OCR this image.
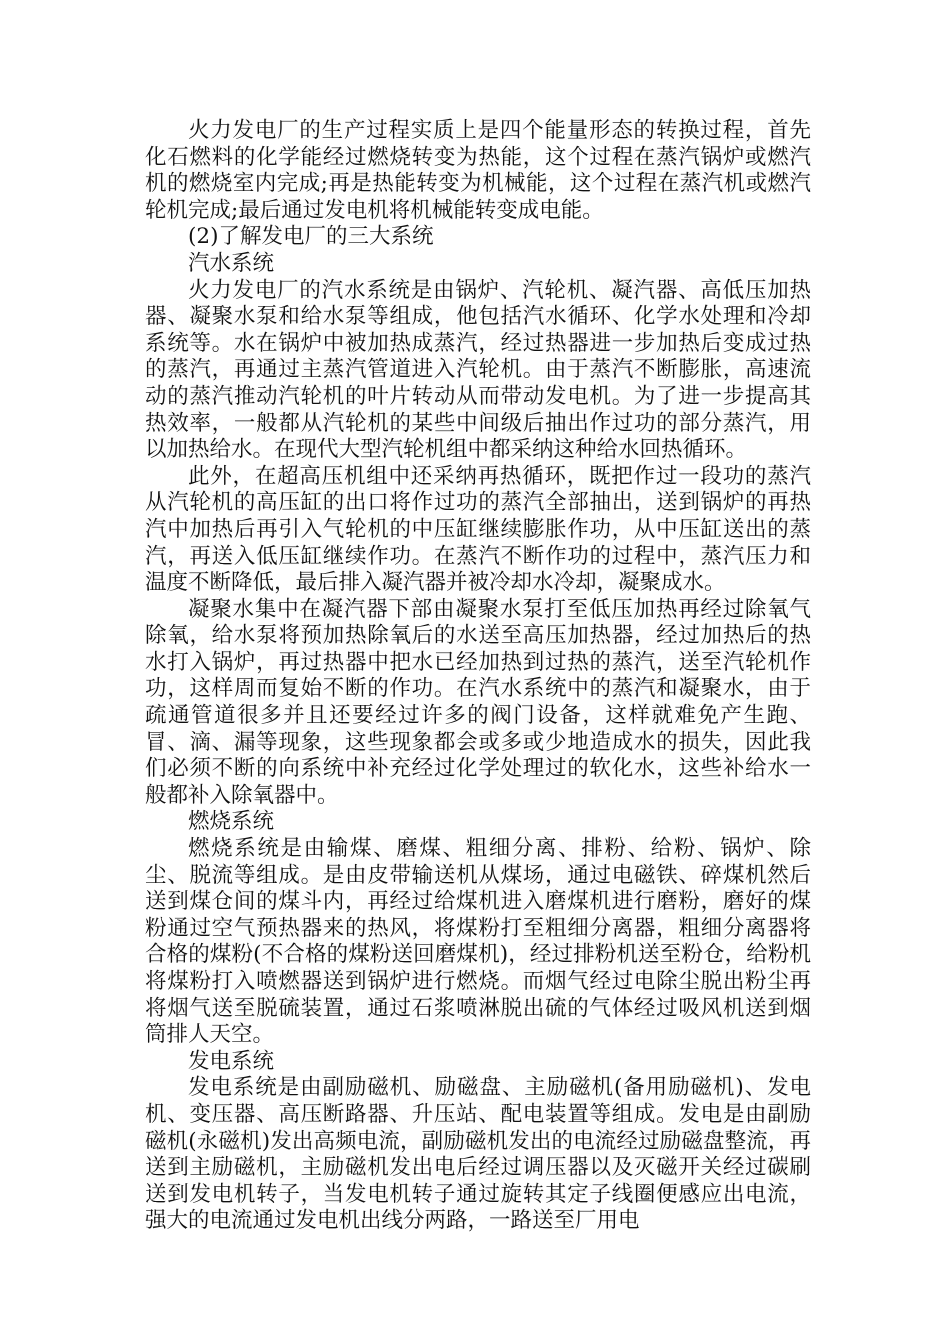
火力发电厂的生产过程实质上是四个能量形态的转换过程，首先化石燃料的化学能经过燃烧转变为热能，这个过程在蒸汽锅炉或燃汽机的燃烧室内完成;再是热能转变为机械能，这个过程在蒸汽机或燃汽轮机完成;最后通过发电机将机械能转变成电能。

(2)了解发电厂的三大系统

汽水系统

火力发电厂的汽水系统是由锅炉、汽轮机、凝汽器、高低压加热器、凝聚水泵和给水泵等组成，他包括汽水循环、化学水处理和冷却系统等。水在锅炉中被加热成蒸汽，经过热器进一步加热后变成过热的蒸汽，再通过主蒸汽管道进入汽轮机。由于蒸汽不断膨胀，高速流动的蒸汽推动汽轮机的叶片转动从而带动发电机。为了进一步提高其热效率，一般都从汽轮机的某些中间级后抽出作过功的部分蒸汽，用以加热给水。在现代大型汽轮机组中都采纳这种给水回热循环。

此外，在超高压机组中还采纳再热循环，既把作过一段功的蒸汽从汽轮机的高压缸的出口将作过功的蒸汽全部抽出，送到锅炉的再热汽中加热后再引入气轮机的中压缸继续膨胀作功，从中压缸送出的蒸汽，再送入低压缸继续作功。在蒸汽不断作功的过程中，蒸汽压力和温度不断降低，最后排入凝汽器并被冷却水冷却，凝聚成水。

凝聚水集中在凝汽器下部由凝聚水泵打至低压加热再经过除氧气除氧，给水泵将预加热除氧后的水送至高压加热器，经过加热后的热水打入锅炉，再过热器中把水已经加热到过热的蒸汽，送至汽轮机作功，这样周而复始不断的作功。在汽水系统中的蒸汽和凝聚水，由于疏通管道很多并且还要经过许多的阀门设备，这样就难免产生跑、冒、滴、漏等现象，这些现象都会或多或少地造成水的损失，因此我们必须不断的向系统中补充经过化学处理过的软化水，这些补给水一般都补入除氧器中。

燃烧系统

燃烧系统是由输煤、磨煤、粗细分离、排粉、给粉、锅炉、除尘、脱流等组成。是由皮带输送机从煤场，通过电磁铁、碎煤机然后送到煤仓间的煤斗内，再经过给煤机进入磨煤机进行磨粉，磨好的煤粉通过空气预热器来的热风，将煤粉打至粗细分离器，粗细分离器将合格的煤粉(不合格的煤粉送回磨煤机)，经过排粉机送至粉仓，给粉机将煤粉打入喷燃器送到锅炉进行燃烧。而烟气经过电除尘脱出粉尘再将烟气送至脱硫装置，通过石浆喷淋脱出硫的气体经过吸风机送到烟筒排人天空。

发电系统

发电系统是由副励磁机、励磁盘、主励磁机(备用励磁机)、发电机、变压器、高压断路器、升压站、配电装置等组成。发电是由副励磁机(永磁机)发出高频电流，副励磁机发出的电流经过励磁盘整流，再送到主励磁机，主励磁机发出电后经过调压器以及灭磁开关经过碳刷送到发电机转子，当发电机转子通过旋转其定子线圈便感应出电流，强大的电流通过发电机出线分两路，一路送至厂用电
